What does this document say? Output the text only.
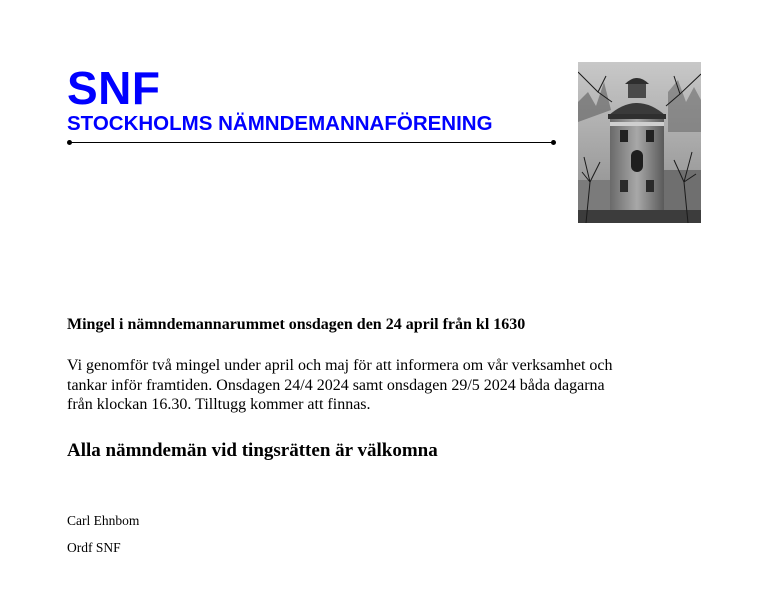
SNF
STOCKHOLMS NÄMNDEMANNAFÖRENING

Mingel i nämndemannarummet onsdagen den 24 april från kl 1630

Vi genomför två mingel under april och maj för att informera om vår verksamhet och tankar inför framtiden. Onsdagen 24/4 2024 samt onsdagen 29/5 2024 båda dagarna från klockan 16.30. Tilltugg kommer att finnas.

Alla nämndemän vid tingsrätten är välkomna

Carl Ehnbom

Ordf SNF
